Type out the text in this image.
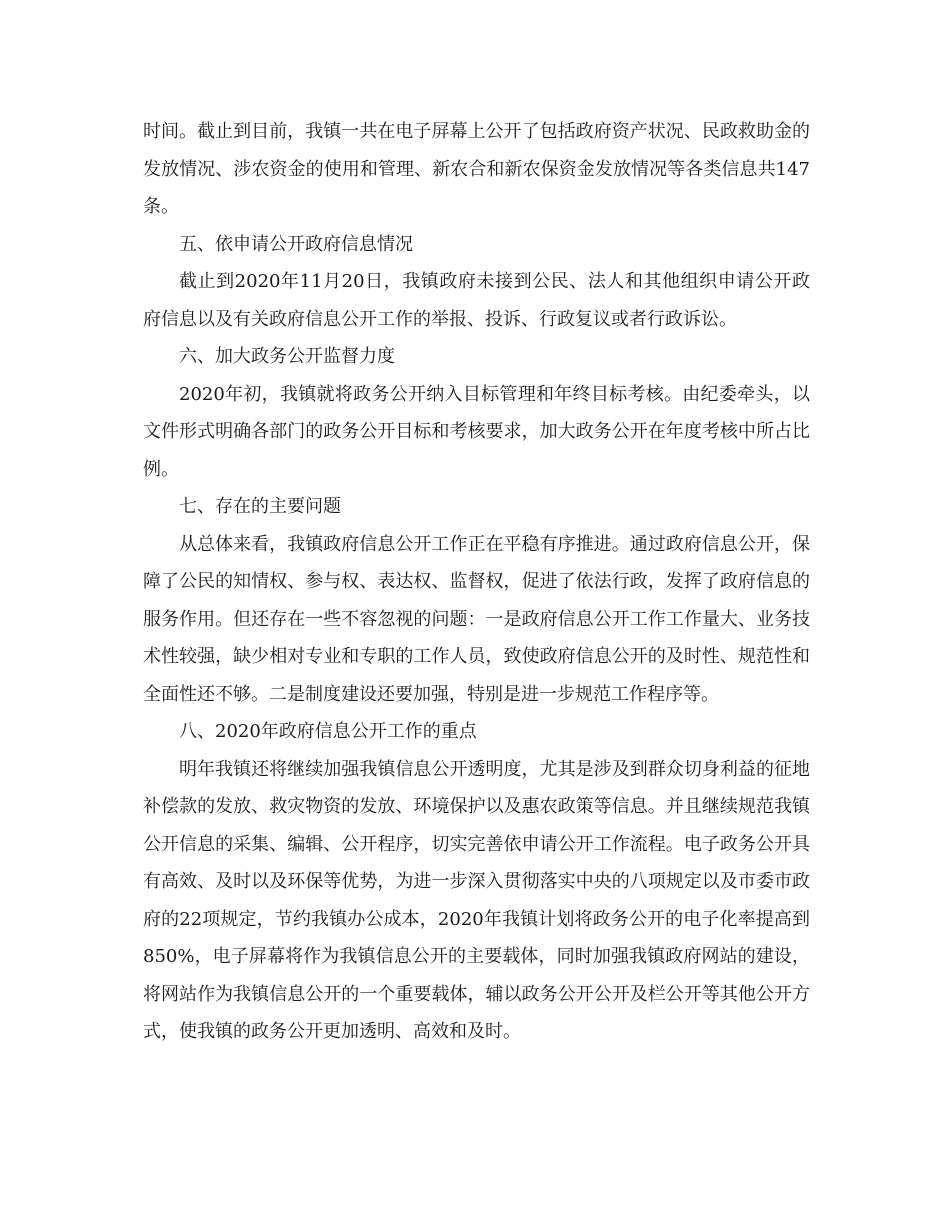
时间。截止到目前，我镇一共在电子屏幕上公开了包括政府资产状况、民政救助金的发放情况、涉农资金的使用和管理、新农合和新农保资金发放情况等各类信息共147条。

五、依申请公开政府信息情况

截止到2020年11月20日，我镇政府未接到公民、法人和其他组织申请公开政府信息以及有关政府信息公开工作的举报、投诉、行政复议或者行政诉讼。

六、加大政务公开监督力度

2020年初，我镇就将政务公开纳入目标管理和年终目标考核。由纪委牵头，以文件形式明确各部门的政务公开目标和考核要求，加大政务公开在年度考核中所占比例。

七、存在的主要问题

从总体来看，我镇政府信息公开工作正在平稳有序推进。通过政府信息公开，保障了公民的知情权、参与权、表达权、监督权，促进了依法行政，发挥了政府信息的服务作用。但还存在一些不容忽视的问题：一是政府信息公开工作工作量大、业务技术性较强，缺少相对专业和专职的工作人员，致使政府信息公开的及时性、规范性和全面性还不够。二是制度建设还要加强，特别是进一步规范工作程序等。

八、2020年政府信息公开工作的重点

明年我镇还将继续加强我镇信息公开透明度，尤其是涉及到群众切身利益的征地补偿款的发放、救灾物资的发放、环境保护以及惠农政策等信息。并且继续规范我镇公开信息的采集、编辑、公开程序，切实完善依申请公开工作流程。电子政务公开具有高效、及时以及环保等优势，为进一步深入贯彻落实中央的八项规定以及市委市政府的22项规定，节约我镇办公成本，2020年我镇计划将政务公开的电子化率提高到850%，电子屏幕将作为我镇信息公开的主要载体，同时加强我镇政府网站的建设，将网站作为我镇信息公开的一个重要载体，辅以政务公开公开及栏公开等其他公开方式，使我镇的政务公开更加透明、高效和及时。
